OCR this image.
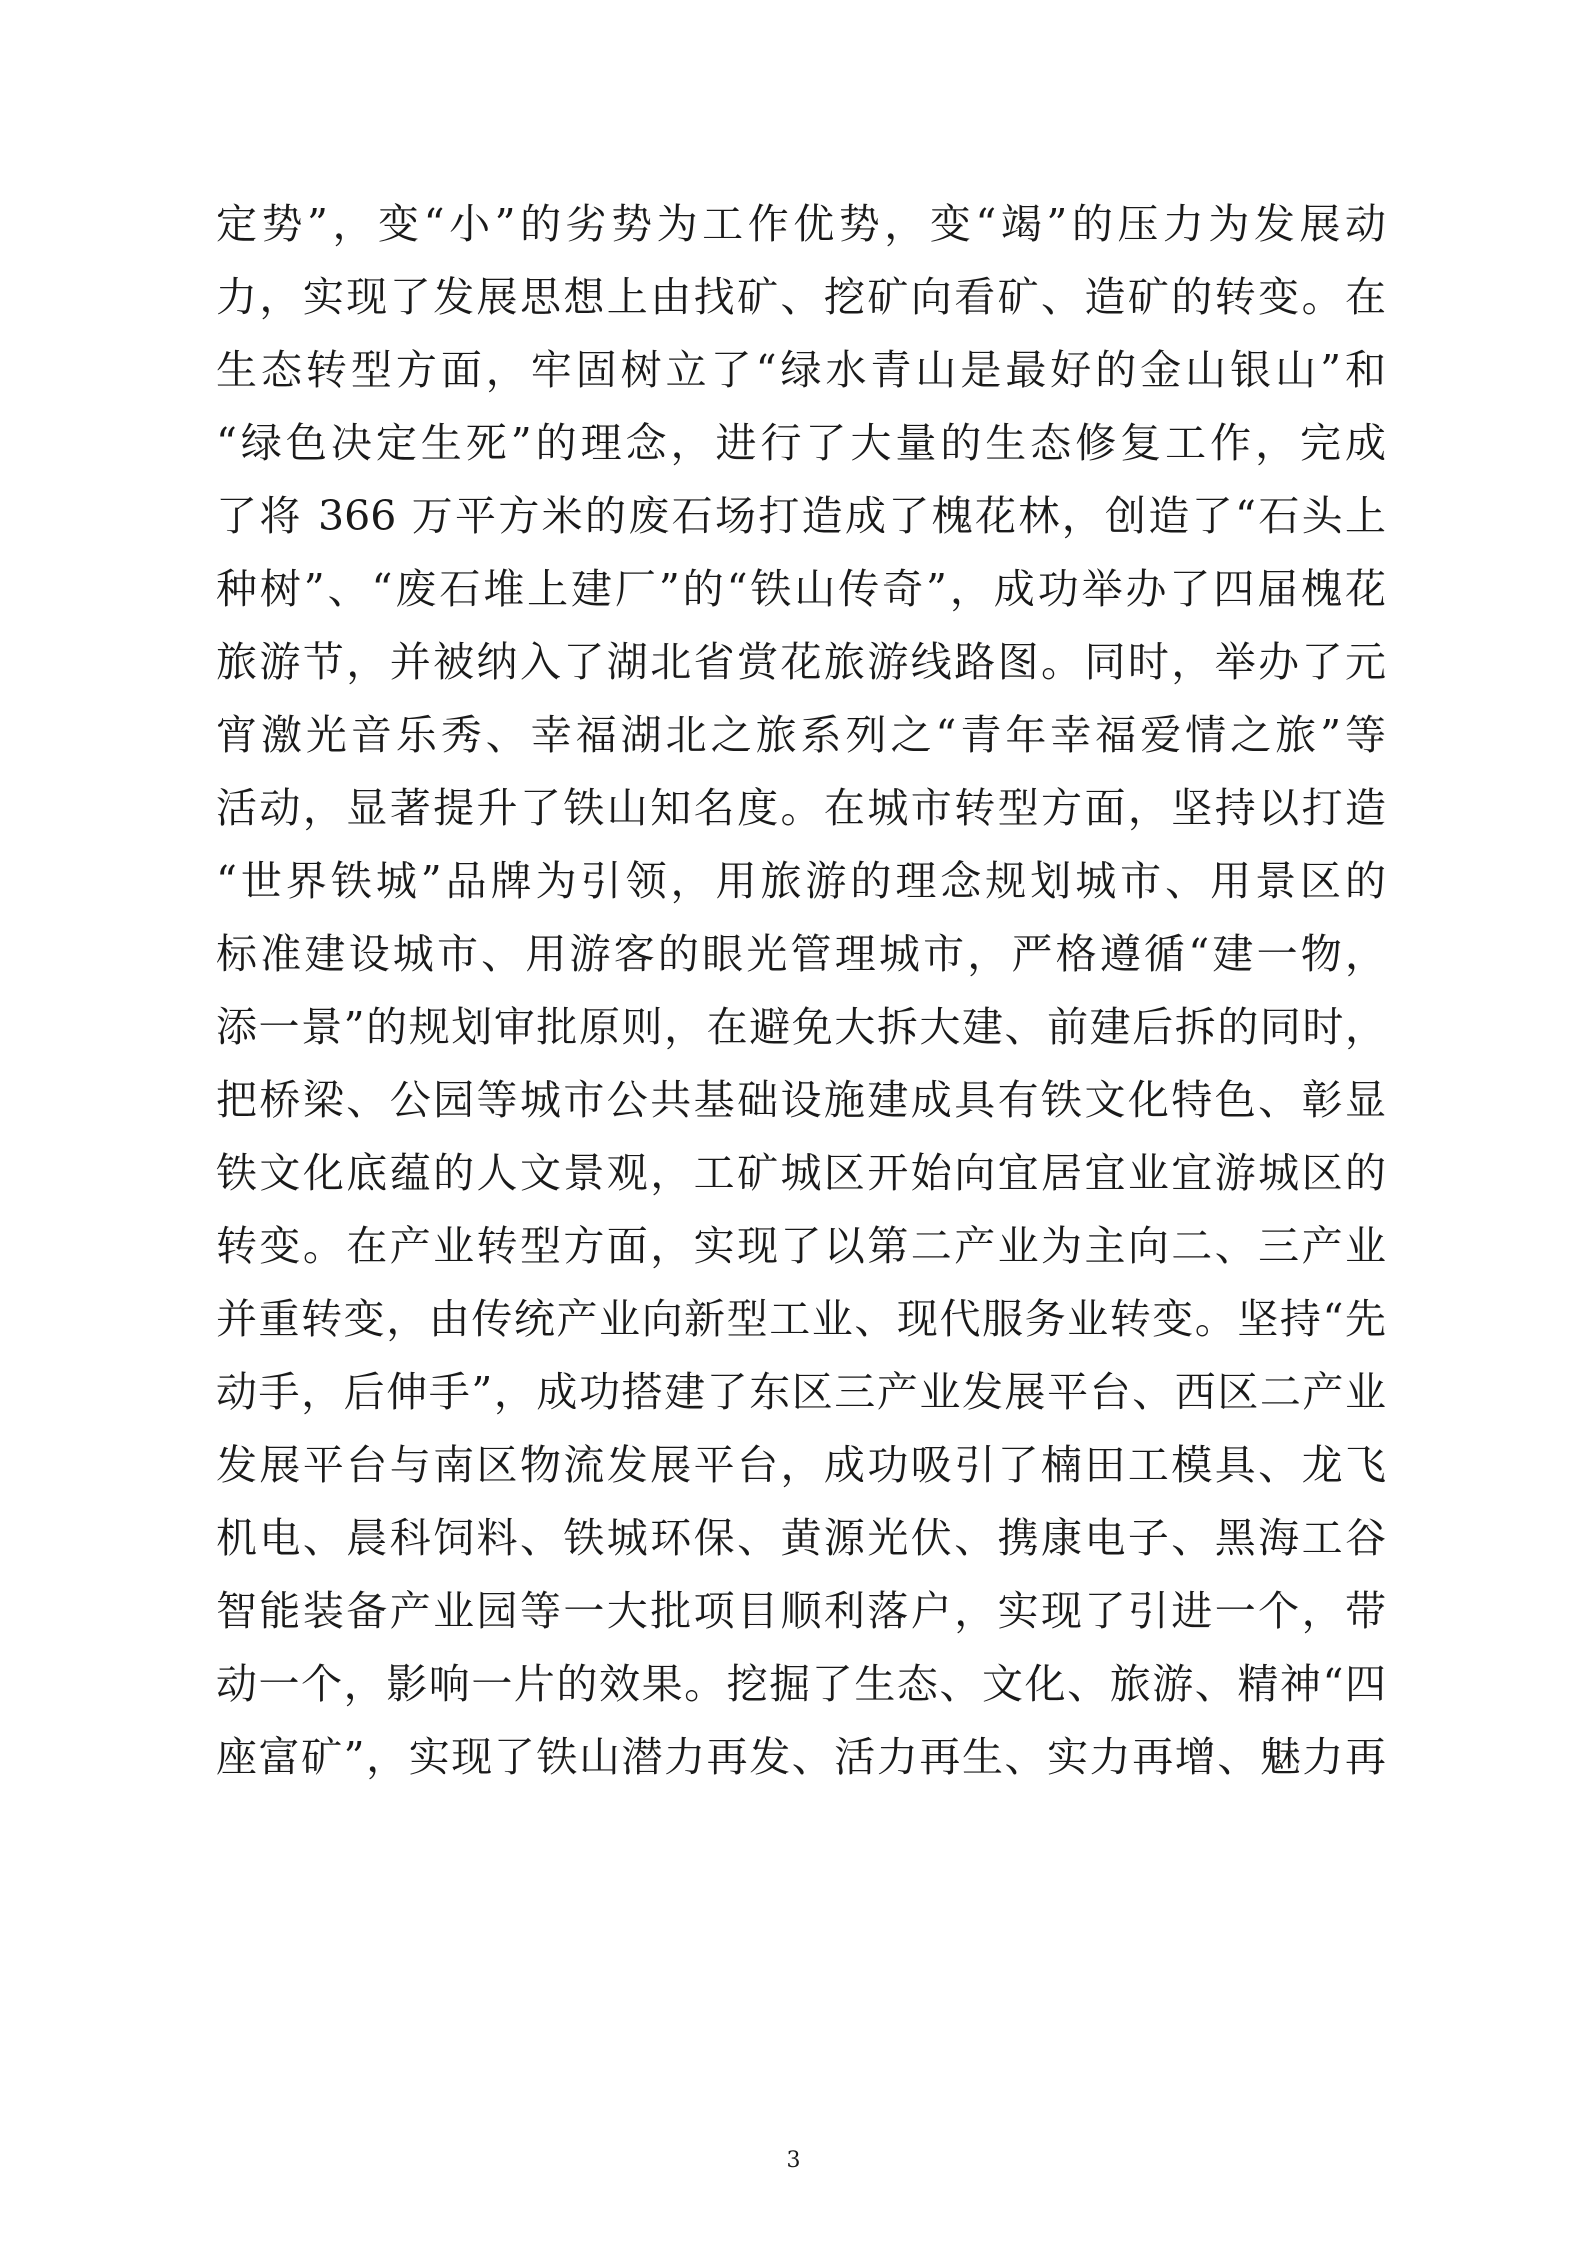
定势”，变“小”的劣势为工作优势，变“竭”的压力为发展动
力，实现了发展思想上由找矿、挖矿向看矿、造矿的转变。在
生态转型方面，牢固树立了“绿水青山是最好的金山银山”和
“绿色决定生死”的理念，进行了大量的生态修复工作，完成
了将 366 万平方米的废石场打造成了槐花林，创造了“石头上
种树”、“废石堆上建厂”的“铁山传奇”，成功举办了四届槐花
旅游节，并被纳入了湖北省赏花旅游线路图。同时，举办了元
宵激光音乐秀、幸福湖北之旅系列之“青年幸福爱情之旅”等
活动，显著提升了铁山知名度。在城市转型方面，坚持以打造
“世界铁城”品牌为引领，用旅游的理念规划城市、用景区的
标准建设城市、用游客的眼光管理城市，严格遵循“建一物，
添一景”的规划审批原则，在避免大拆大建、前建后拆的同时，
把桥梁、公园等城市公共基础设施建成具有铁文化特色、彰显
铁文化底蕴的人文景观，工矿城区开始向宜居宜业宜游城区的
转变。在产业转型方面，实现了以第二产业为主向二、三产业
并重转变，由传统产业向新型工业、现代服务业转变。坚持“先
动手，后伸手”，成功搭建了东区三产业发展平台、西区二产业
发展平台与南区物流发展平台，成功吸引了楠田工模具、龙飞
机电、晨科饲料、铁城环保、黄源光伏、携康电子、黑海工谷
智能装备产业园等一大批项目顺利落户，实现了引进一个，带
动一个，影响一片的效果。挖掘了生态、文化、旅游、精神“四
座富矿”，实现了铁山潜力再发、活力再生、实力再增、魅力再
3
